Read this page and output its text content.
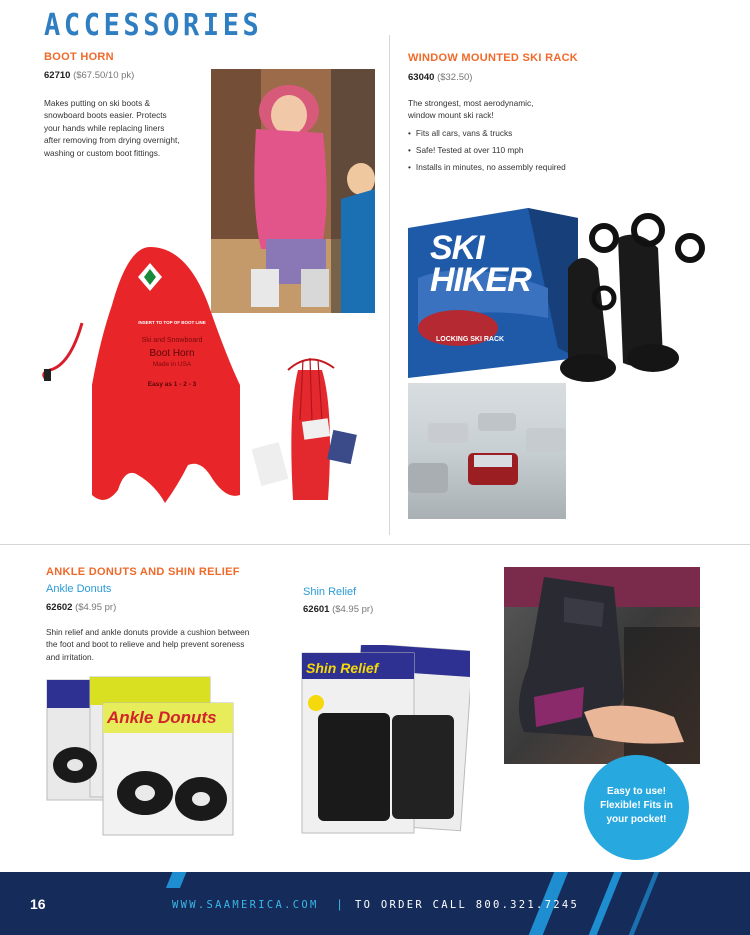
ACCESSORIES
BOOT HORN
62710 ($67.50/10 pk)
Makes putting on ski boots &
snowboard boots easier. Protects
your hands while replacing liners
after removing from drying overnight,
washing or custom boot fittings.
INSERT TO TOP OF BOOT LINE
Ski and Snowboard
Boot Horn
Made in USA
Easy as 1 - 2 - 3
WINDOW MOUNTED SKI RACK
63040 ($32.50)
The strongest, most aerodynamic,
window mount ski rack!
• Fits all cars, vans & trucks
• Safe! Tested at over 110 mph
• Installs in minutes, no assembly required
SKI HIKER
LOCKING SKI RACK
ANKLE DONUTS AND SHIN RELIEF
Ankle Donuts
62602 ($4.95 pr)
Shin relief and ankle donuts provide a cushion between
the foot and boot to relieve and help prevent soreness
and irritation.
Shin Relief
62601 ($4.95 pr)
Ankle Donuts
Shin Relief
Easy to use!
Flexible! Fits in
your pocket!
16	WWW.SAAMERICA.COM | TO ORDER CALL 800.321.7245
